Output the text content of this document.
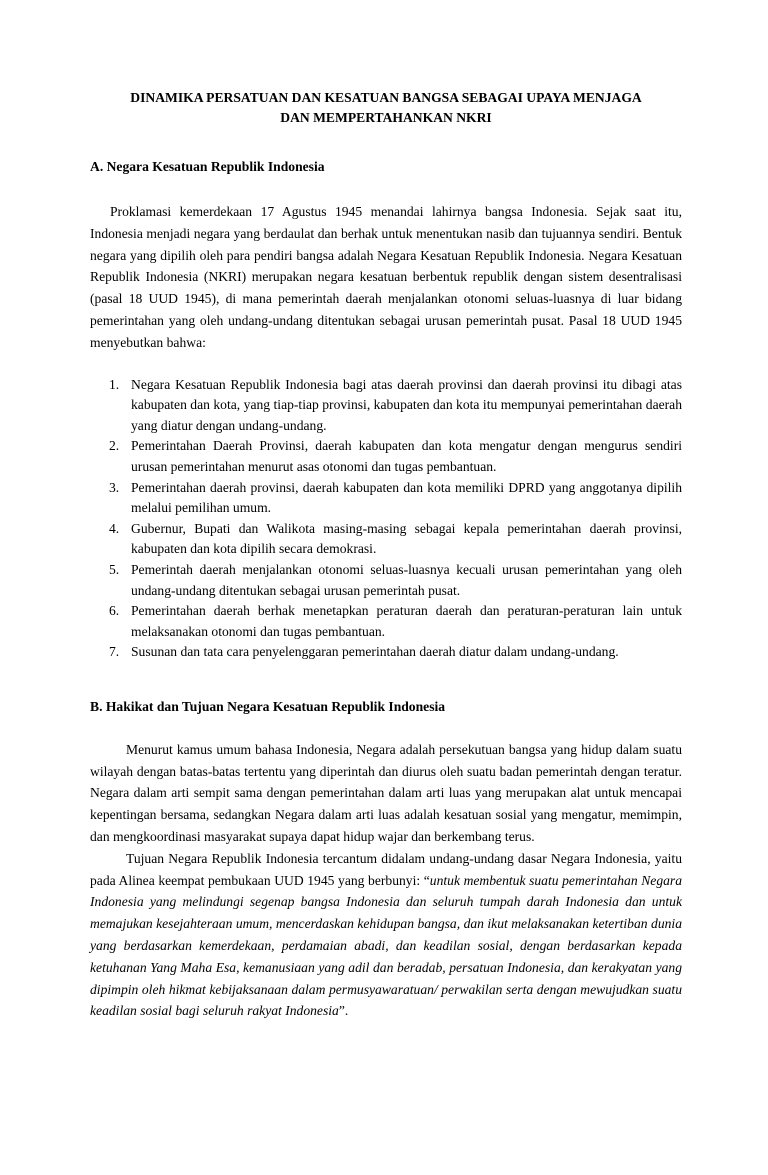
DINAMIKA PERSATUAN DAN KESATUAN BANGSA SEBAGAI UPAYA MENJAGA
DAN MEMPERTAHANKAN NKRI
A. Negara Kesatuan Republik Indonesia

Proklamasi kemerdekaan 17 Agustus 1945 menandai lahirnya bangsa Indonesia. Sejak saat itu, Indonesia menjadi negara yang berdaulat dan berhak untuk menentukan nasib dan tujuannya sendiri. Bentuk negara yang dipilih oleh para pendiri bangsa adalah Negara Kesatuan Republik Indonesia. Negara Kesatuan Republik Indonesia (NKRI) merupakan negara kesatuan berbentuk republik dengan sistem desentralisasi (pasal 18 UUD 1945), di mana pemerintah daerah menjalankan otonomi seluas-luasnya di luar bidang pemerintahan yang oleh undang-undang ditentukan sebagai urusan pemerintah pusat. Pasal 18 UUD 1945 menyebutkan bahwa:

1. Negara Kesatuan Republik Indonesia bagi atas daerah provinsi dan daerah provinsi itu dibagi atas kabupaten dan kota, yang tiap-tiap provinsi, kabupaten dan kota itu mempunyai pemerintahan daerah yang diatur dengan undang-undang.
2. Pemerintahan Daerah Provinsi, daerah kabupaten dan kota mengatur dengan mengurus sendiri urusan pemerintahan menurut asas otonomi dan tugas pembantuan.
3. Pemerintahan daerah provinsi, daerah kabupaten dan kota memiliki DPRD yang anggotanya dipilih melalui pemilihan umum.
4. Gubernur, Bupati dan Walikota masing-masing sebagai kepala pemerintahan daerah provinsi, kabupaten dan kota dipilih secara demokrasi.
5. Pemerintah daerah menjalankan otonomi seluas-luasnya kecuali urusan pemerintahan yang oleh undang-undang ditentukan sebagai urusan pemerintah pusat.
6. Pemerintahan daerah berhak menetapkan peraturan daerah dan peraturan-peraturan lain untuk melaksanakan otonomi dan tugas pembantuan.
7. Susunan dan tata cara penyelenggaran pemerintahan daerah diatur dalam undang-undang.
B. Hakikat dan Tujuan Negara Kesatuan Republik Indonesia

Menurut kamus umum bahasa Indonesia, Negara adalah persekutuan bangsa yang hidup dalam suatu wilayah dengan batas-batas tertentu yang diperintah dan diurus oleh suatu badan pemerintah dengan teratur. Negara dalam arti sempit sama dengan pemerintahan dalam arti luas yang merupakan alat untuk mencapai kepentingan bersama, sedangkan Negara dalam arti luas adalah kesatuan sosial yang mengatur, memimpin, dan mengkoordinasi masyarakat supaya dapat hidup wajar dan berkembang terus.

Tujuan Negara Republik Indonesia tercantum didalam undang-undang dasar Negara Indonesia, yaitu pada Alinea keempat pembukaan UUD 1945 yang berbunyi: “untuk membentuk suatu pemerintahan Negara Indonesia yang melindungi segenap bangsa Indonesia dan seluruh tumpah darah Indonesia dan untuk memajukan kesejahteraan umum, mencerdaskan kehidupan bangsa, dan ikut melaksanakan ketertiban dunia yang berdasarkan kemerdekaan, perdamaian abadi, dan keadilan sosial, dengan berdasarkan kepada ketuhanan Yang Maha Esa, kemanusiaan yang adil dan beradab, persatuan Indonesia, dan kerakyatan yang dipimpin oleh hikmat kebijaksanaan dalam permusyawaratuan/ perwakilan serta dengan mewujudkan suatu keadilan sosial bagi seluruh rakyat Indonesia”.
